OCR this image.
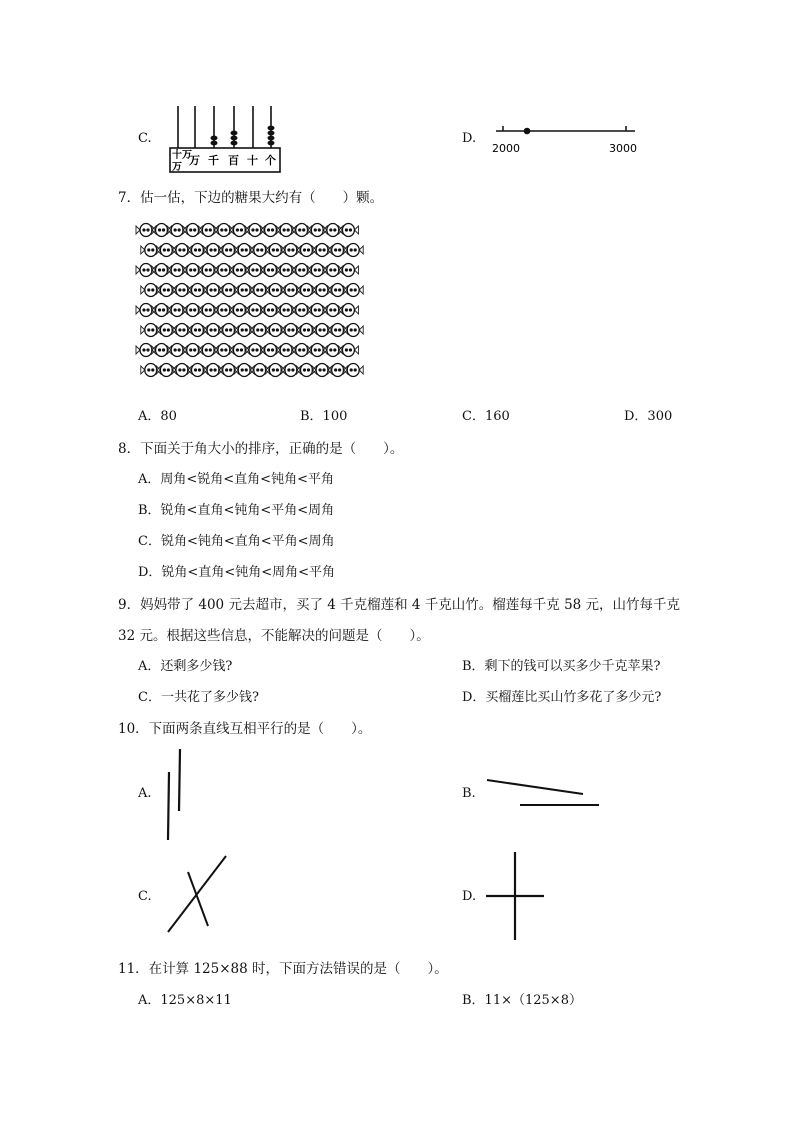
C.
十万
万
万 千 百 十 个
D.
2000	3000
7．估一估，下边的糖果大约有（　　）颗。
A．80	B．100	C．160	D．300
8．下面关于角大小的排序，正确的是（　　）。
A．周角<锐角<直角<钝角<平角
B．锐角<直角<钝角<平角<周角
C．锐角<钝角<直角<平角<周角
D．锐角<直角<钝角<周角<平角
9．妈妈带了 400 元去超市，买了 4 千克榴莲和 4 千克山竹。榴莲每千克 58 元，山竹每千克
32 元。根据这些信息，不能解决的问题是（　　）。
A．还剩多少钱?	B．剩下的钱可以买多少千克苹果?
C．一共花了多少钱?	D．买榴莲比买山竹多花了多少元?
10．下面两条直线互相平行的是（　　）。
A.	B.
C.	D.
11．在计算 125×88 时，下面方法错误的是（　　）。
A．125×8×11	B．11×（125×8）
